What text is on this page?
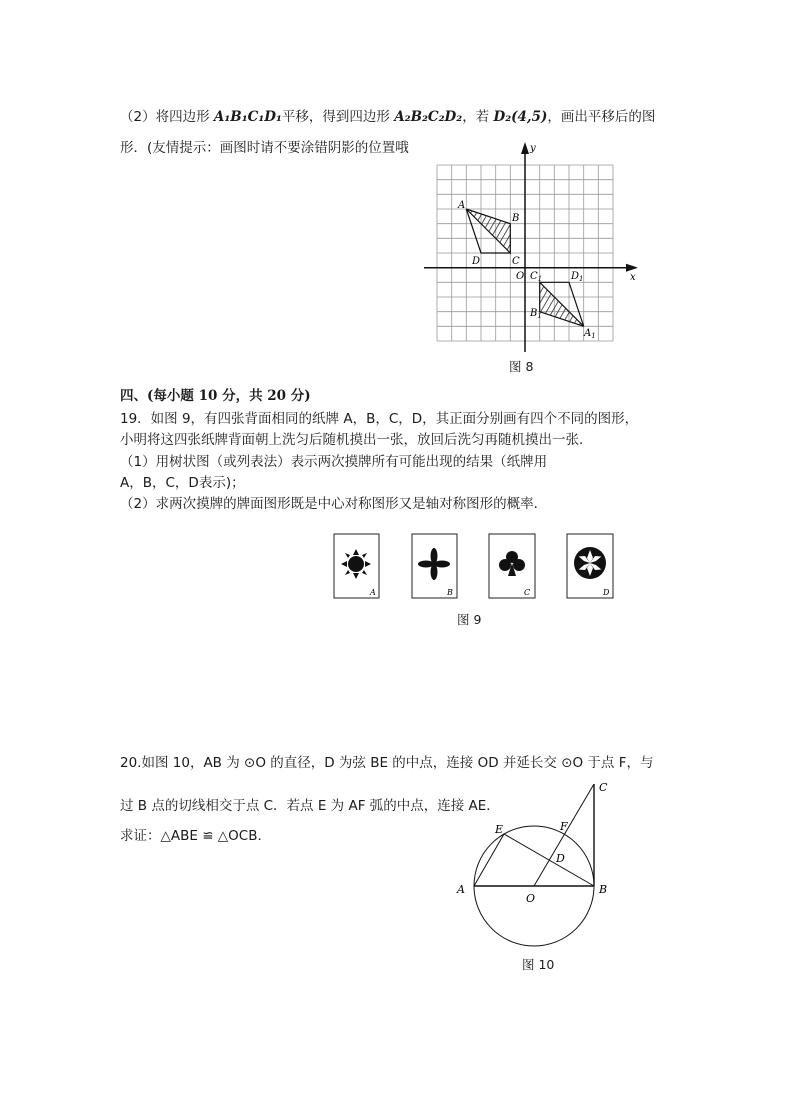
（2）将四边形 A₁B₁C₁D₁平移，得到四边形 A₂B₂C₂D₂，若 D₂(4,5)，画出平移后的图
形．(友情提示：画图时请不要涂错阴影的位置哦
A
B
C
D
O
y
x
$C_1$	$D_1$
$B_1$
$A_1$
图 8
四、(每小题 10 分，共 20 分)
19．如图 9，有四张背面相同的纸牌 A，B，C，D，其正面分别画有四个不同的图形，
小明将这四张纸牌背面朝上洗匀后随机摸出一张，放回后洗匀再随机摸出一张．
（1）用树状图（或列表法）表示两次摸牌所有可能出现的结果（纸牌用
A，B，C，D表示)；
（2）求两次摸牌的牌面图形既是中心对称图形又是轴对称图形的概率．
A	B	C	D
图 9
20.如图 10，AB 为 ⊙O 的直径，D 为弦 BE 的中点，连接 OD 并延长交 ⊙O 于点 F，与
过 B 点的切线相交于点 C．若点 E 为 AF 弧的中点，连接 AE．
求证：△ABE ≌ △OCB．
A	B
C
D
E	F
O
图 10
